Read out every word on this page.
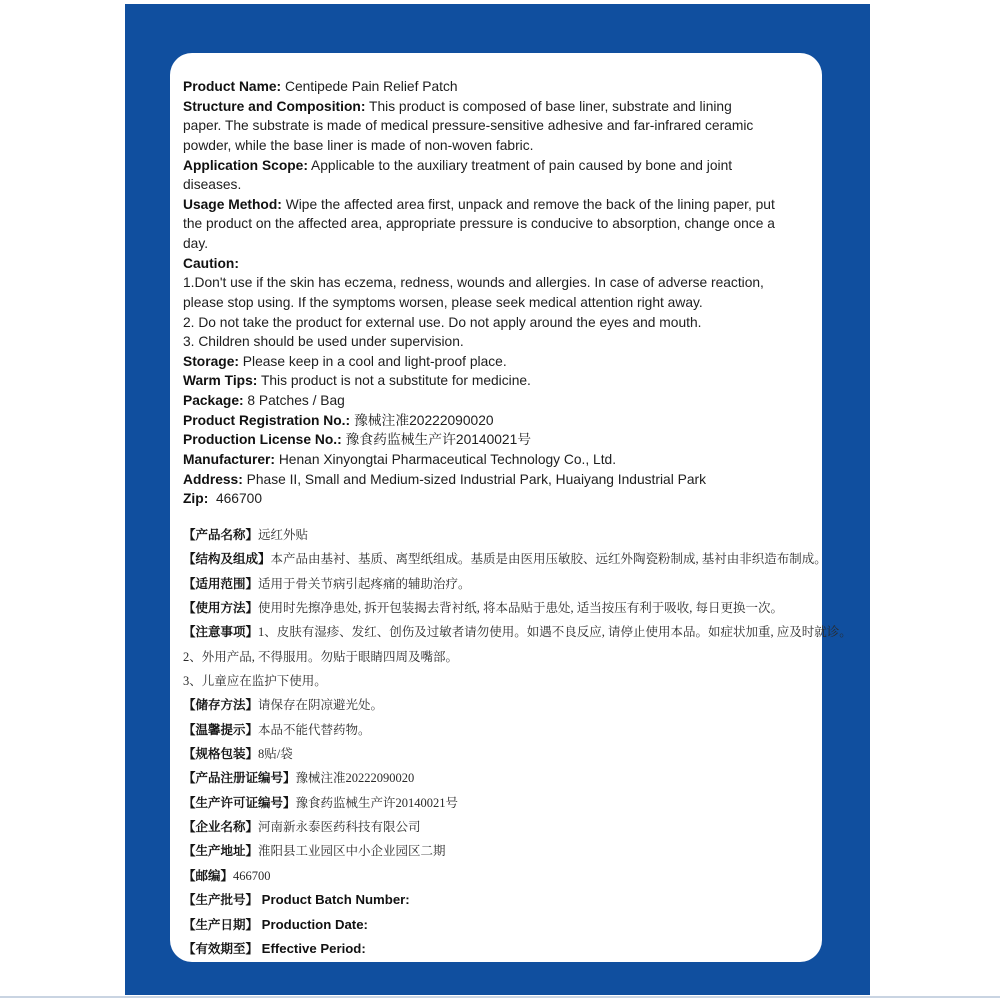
Product Name: Centipede Pain Relief Patch
Structure and Composition: This product is composed of base liner, substrate and lining
paper. The substrate is made of medical pressure-sensitive adhesive and far-infrared ceramic
powder, while the base liner is made of non-woven fabric.
Application Scope: Applicable to the auxiliary treatment of pain caused by bone and joint
diseases.
Usage Method: Wipe the affected area first, unpack and remove the back of the lining paper, put
the product on the affected area, appropriate pressure is conducive to absorption, change once a
day.
Caution:
1.Don't use if the skin has eczema, redness, wounds and allergies. In case of adverse reaction,
please stop using. If the symptoms worsen, please seek medical attention right away.
2. Do not take the product for external use. Do not apply around the eyes and mouth.
3. Children should be used under supervision.
Storage: Please keep in a cool and light-proof place.
Warm Tips: This product is not a substitute for medicine.
Package: 8 Patches / Bag
Product Registration No.: 豫械注准20222090020
Production License No.: 豫食药监械生产许20140021号
Manufacturer: Henan Xinyongtai Pharmaceutical Technology Co., Ltd.
Address: Phase II, Small and Medium-sized Industrial Park, Huaiyang Industrial Park
Zip:  466700
【产品名称】远红外贴
【结构及组成】本产品由基衬、基质、离型纸组成。基质是由医用压敏胶、远红外陶瓷粉制成, 基衬由非织造布制成。
【适用范围】适用于骨关节病引起疼痛的辅助治疗。
【使用方法】使用时先擦净患处, 拆开包装揭去背衬纸, 将本品贴于患处, 适当按压有利于吸收, 每日更换一次。
【注意事项】1、皮肤有湿疹、发红、创伤及过敏者请勿使用。如遇不良反应, 请停止使用本品。如症状加重, 应及时就诊。
2、外用产品, 不得服用。勿贴于眼睛四周及嘴部。
3、儿童应在监护下使用。
【储存方法】请保存在阴凉避光处。
【温馨提示】本品不能代替药物。
【规格包装】8贴/袋
【产品注册证编号】豫械注准20222090020
【生产许可证编号】豫食药监械生产许20140021号
【企业名称】河南新永泰医药科技有限公司
【生产地址】淮阳县工业园区中小企业园区二期
【邮编】466700
【生产批号】 Product Batch Number:
【生产日期】 Production Date:
【有效期至】 Effective Period:
